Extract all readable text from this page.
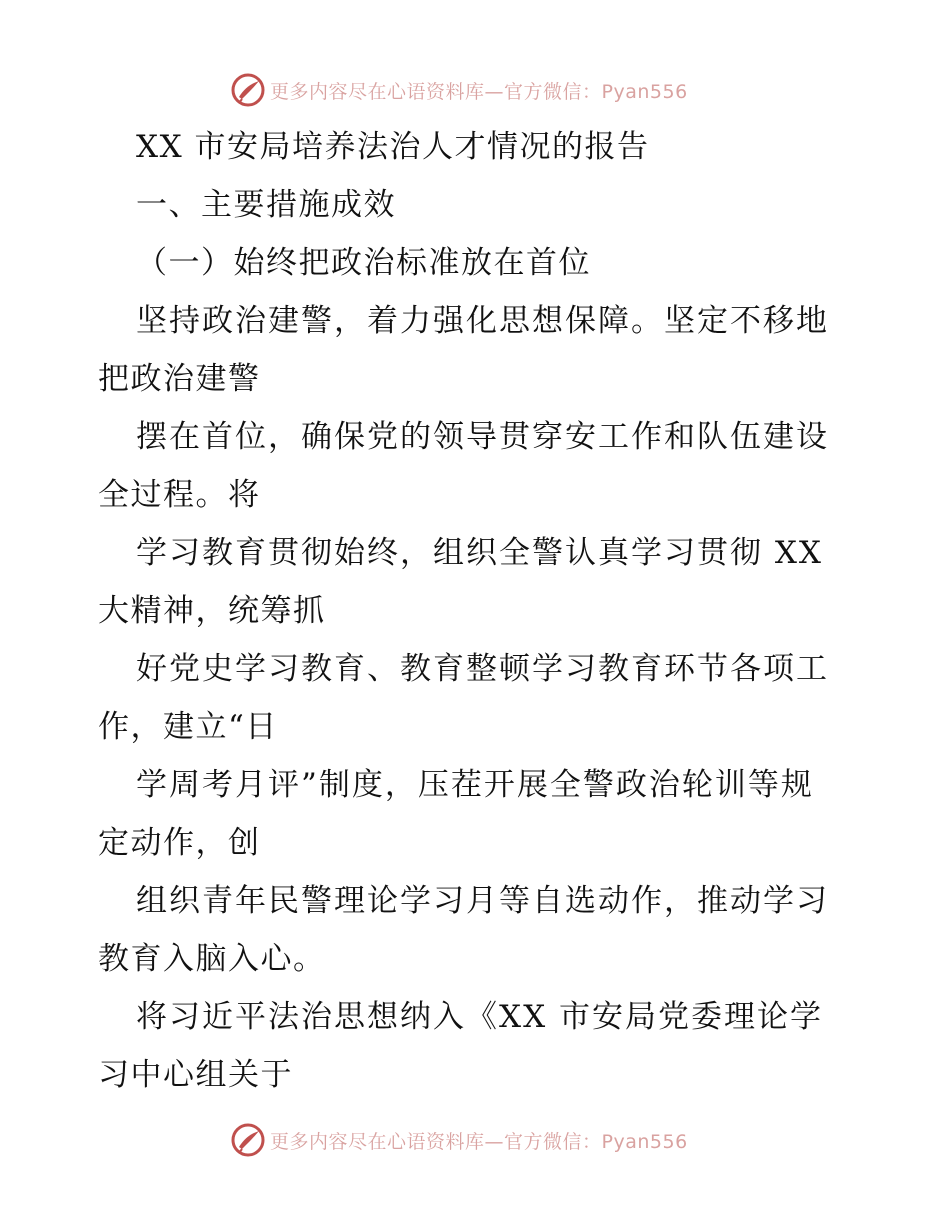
更多内容尽在心语资料库—官方微信：Pyan556
XX 市安局培养法治人才情况的报告
一、主要措施成效
（一）始终把政治标准放在首位
坚持政治建警，着力强化思想保障。坚定不移地
把政治建警
摆在首位，确保党的领导贯穿安工作和队伍建设
全过程。将
学习教育贯彻始终，组织全警认真学习贯彻 XX
大精神，统筹抓
好党史学习教育、教育整顿学习教育环节各项工
作，建立“日
学周考月评”制度，压茬开展全警政治轮训等规
定动作，创
组织青年民警理论学习月等自选动作，推动学习
教育入脑入心。
将习近平法治思想纳入《XX 市安局党委理论学
习中心组关于
更多内容尽在心语资料库—官方微信：Pyan556
